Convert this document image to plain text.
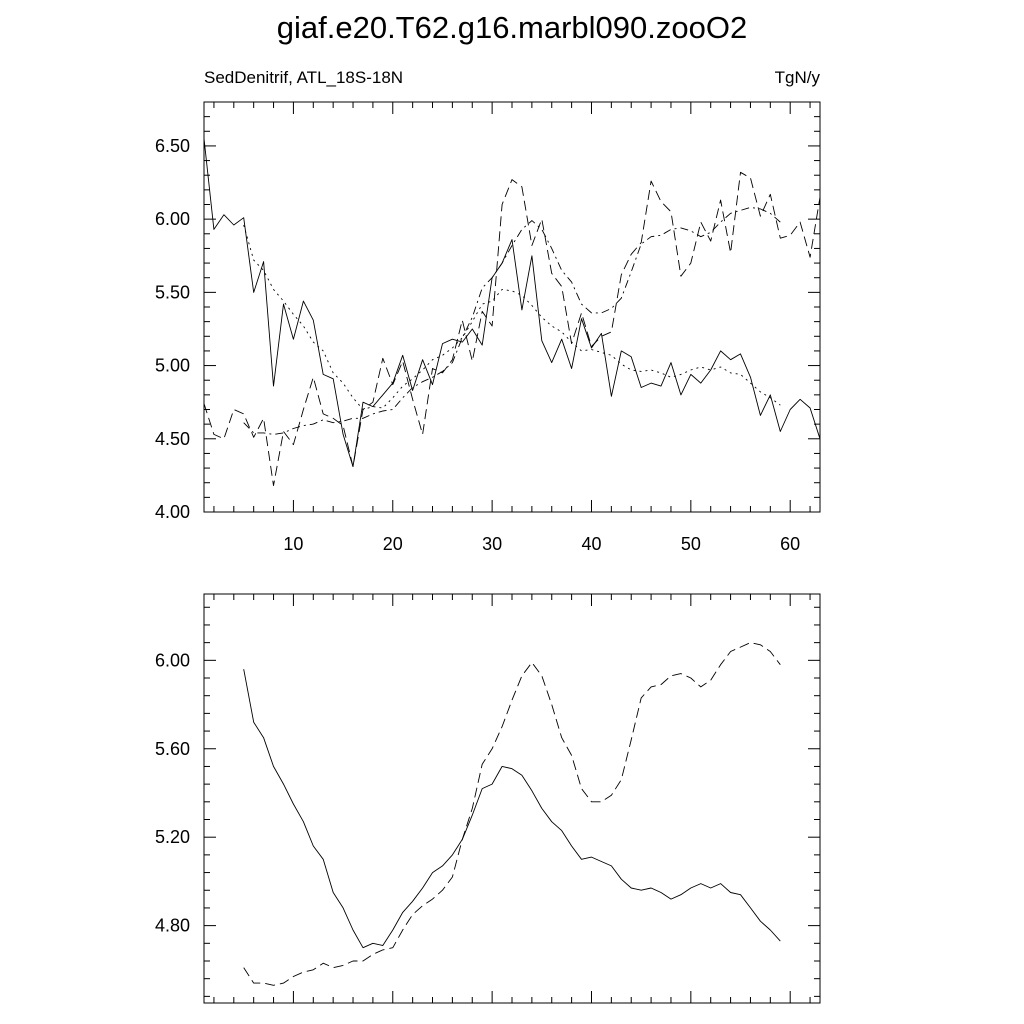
giaf.e20.T62.g16.marbl090.zooO2
SedDenitrif, ATL_18S-18N	TgN/y
4.00
4.50
5.00
5.50
6.00
6.50
10	20	30	40	50	60
4.80
5.20
5.60
6.00
